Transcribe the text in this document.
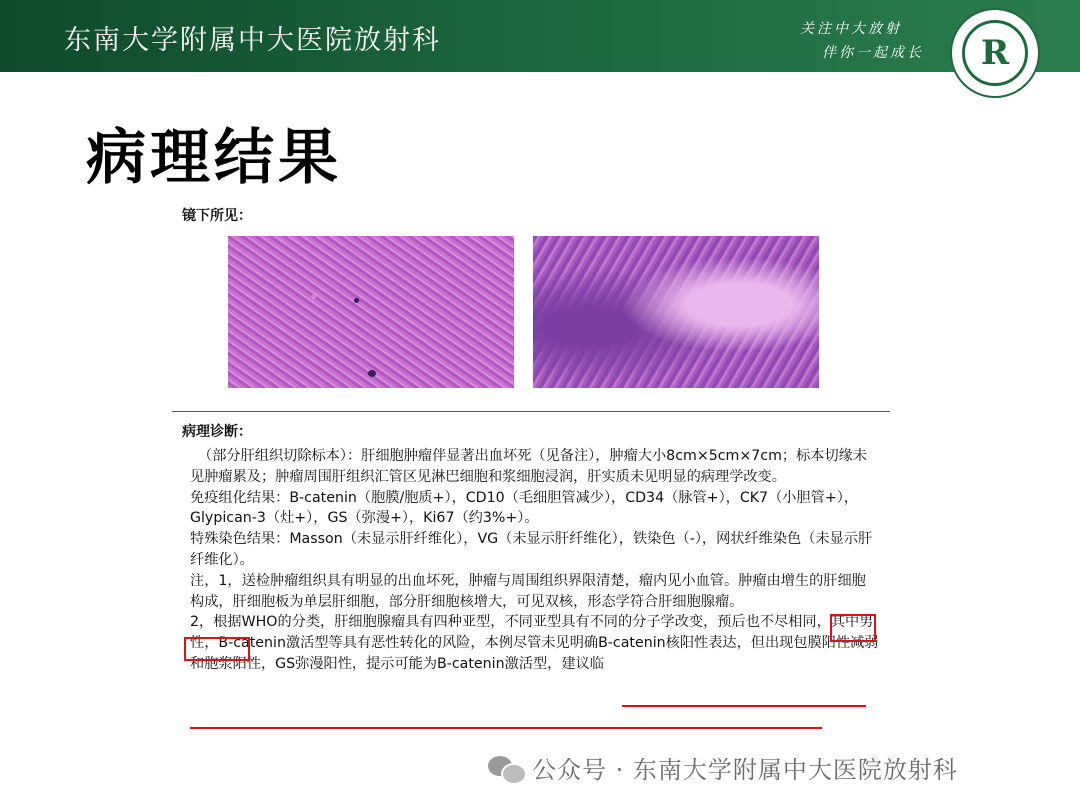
东南大学附属中大医院放射科	关注中大放射
伴你一起成长	R
病理结果
镜下所见：
病理诊断：

（部分肝组织切除标本）：肝细胞肿瘤伴显著出血坏死（见备注），肿瘤大小8cm×5cm×7cm；标本切缘未见肿瘤累及；肿瘤周围肝组织汇管区见淋巴细胞和浆细胞浸润，肝实质未见明显的病理学改变。

免疫组化结果：B-catenin（胞膜/胞质+），CD10（毛细胆管减少），CD34（脉管+），CK7（小胆管+），Glypican-3（灶+），GS（弥漫+），Ki67（约3%+）。

特殊染色结果：Masson（未显示肝纤维化），VG（未显示肝纤维化），铁染色（-），网状纤维染色（未显示肝纤维化）。

注，1，送检肿瘤组织具有明显的出血坏死，肿瘤与周围组织界限清楚，瘤内见小血管。肿瘤由增生的肝细胞构成，肝细胞板为单层肝细胞，部分肝细胞核增大，可见双核，形态学符合肝细胞腺瘤。

2，根据WHO的分类，肝细胞腺瘤具有四种亚型，不同亚型具有不同的分子学改变，预后也不尽相同，其中男性，B-catenin激活型等具有恶性转化的风险，本例尽管未见明确B-catenin核阳性表达，但出现包膜阳性减弱和胞浆阳性，GS弥漫阳性，提示可能为B-catenin激活型，建议临

公众号 · 东南大学附属中大医院放射科
